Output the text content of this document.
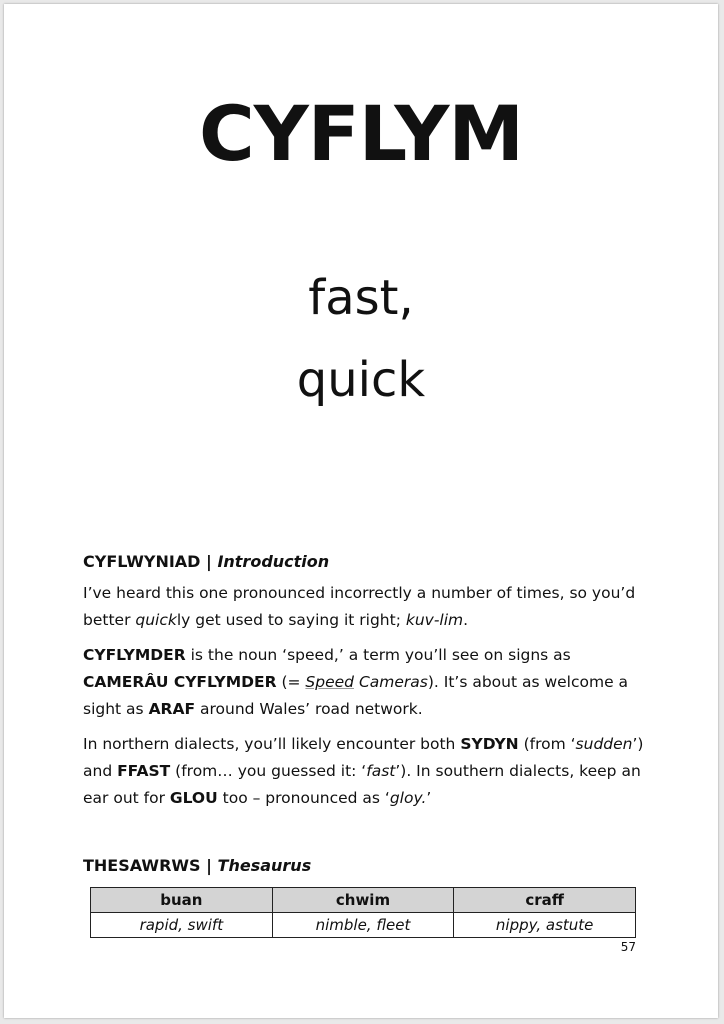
CYFLYM
fast,
quick
CYFLWYNIAD | Introduction

I’ve heard this one pronounced incorrectly a number of times, so you’d better quickly get used to saying it right; kuv-lim.

CYFLYMDER is the noun ‘speed,’ a term you’ll see on signs as CAMERÂU CYFLYMDER (= Speed Cameras). It’s about as welcome a sight as ARAF around Wales’ road network.

In northern dialects, you’ll likely encounter both SYDYN (from ‘sudden’) and FFAST (from… you guessed it: ‘fast’). In southern dialects, keep an ear out for GLOU too – pronounced as ‘gloy.’

THESAWRWS | Thesaurus
buan	chwim	craff
rapid, swift	nimble, fleet	nippy, astute
57
